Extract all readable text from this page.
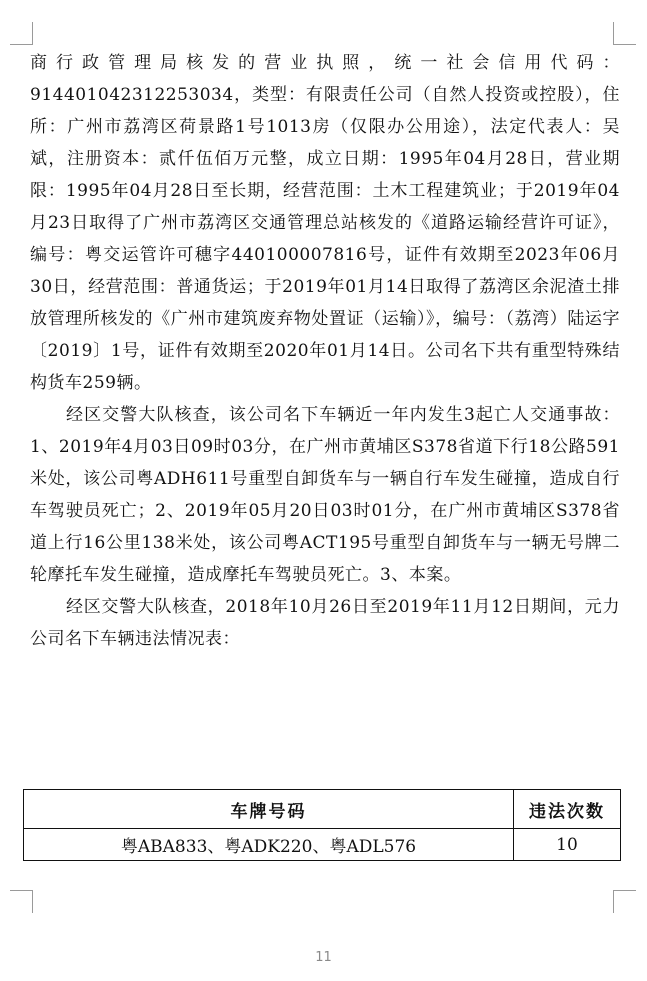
商行政管理局核发的营业执照，统一社会信用代码：91440104231225303​4，类型：有限责任公司（自然人投资或控股），住所：广州市荔湾区荷景路1号1013房（仅限办公用途），法定代表人：吴斌，注册资本：贰仟伍佰万元整，成立日期：1995年04月28日，营业期限：1995年04月28日至长期，经营范围：土木工程建筑业；于2019年04月23日取得了广州市荔湾区交通管理总站核发的《道路运输经营许可证》，编号：粤交运管许可穗字440100007816号，证件有效期至2023年06月30日，经营范围：普通货运；于2019年01月14日取得了荔湾区余泥渣土排放管理所核发的《广州市建筑废弃物处置证（运输）》，编号：（荔湾）陆运字〔2019〕1号，证件有效期至2020年01月14日。公司名下共有重型特殊结构货车259辆。

经区交警大队核查，该公司名下车辆近一年内发生3起亡人交通事故：1、2019年4月03日09时03分，在广州市黄埔区S378省道下行18公路591米处，该公司粤ADH611号重型自卸货车与一辆自行车发生碰撞，造成自行车驾驶员死亡；2、2019年05月20日03时01分，在广州市黄埔区S378省道上行16公里138米处，该公司粤ACT195号重型自卸货车与一辆无号牌二轮摩托车发生碰撞，造成摩托车驾驶员死亡。3、本案。

经区交警大队核查，2018年10月26日至2019年11月12日期间，元力公司名下车辆违法情况表：

车牌号码	违法次数
粤ABA833、粤ADK220、粤ADL576	10
11
